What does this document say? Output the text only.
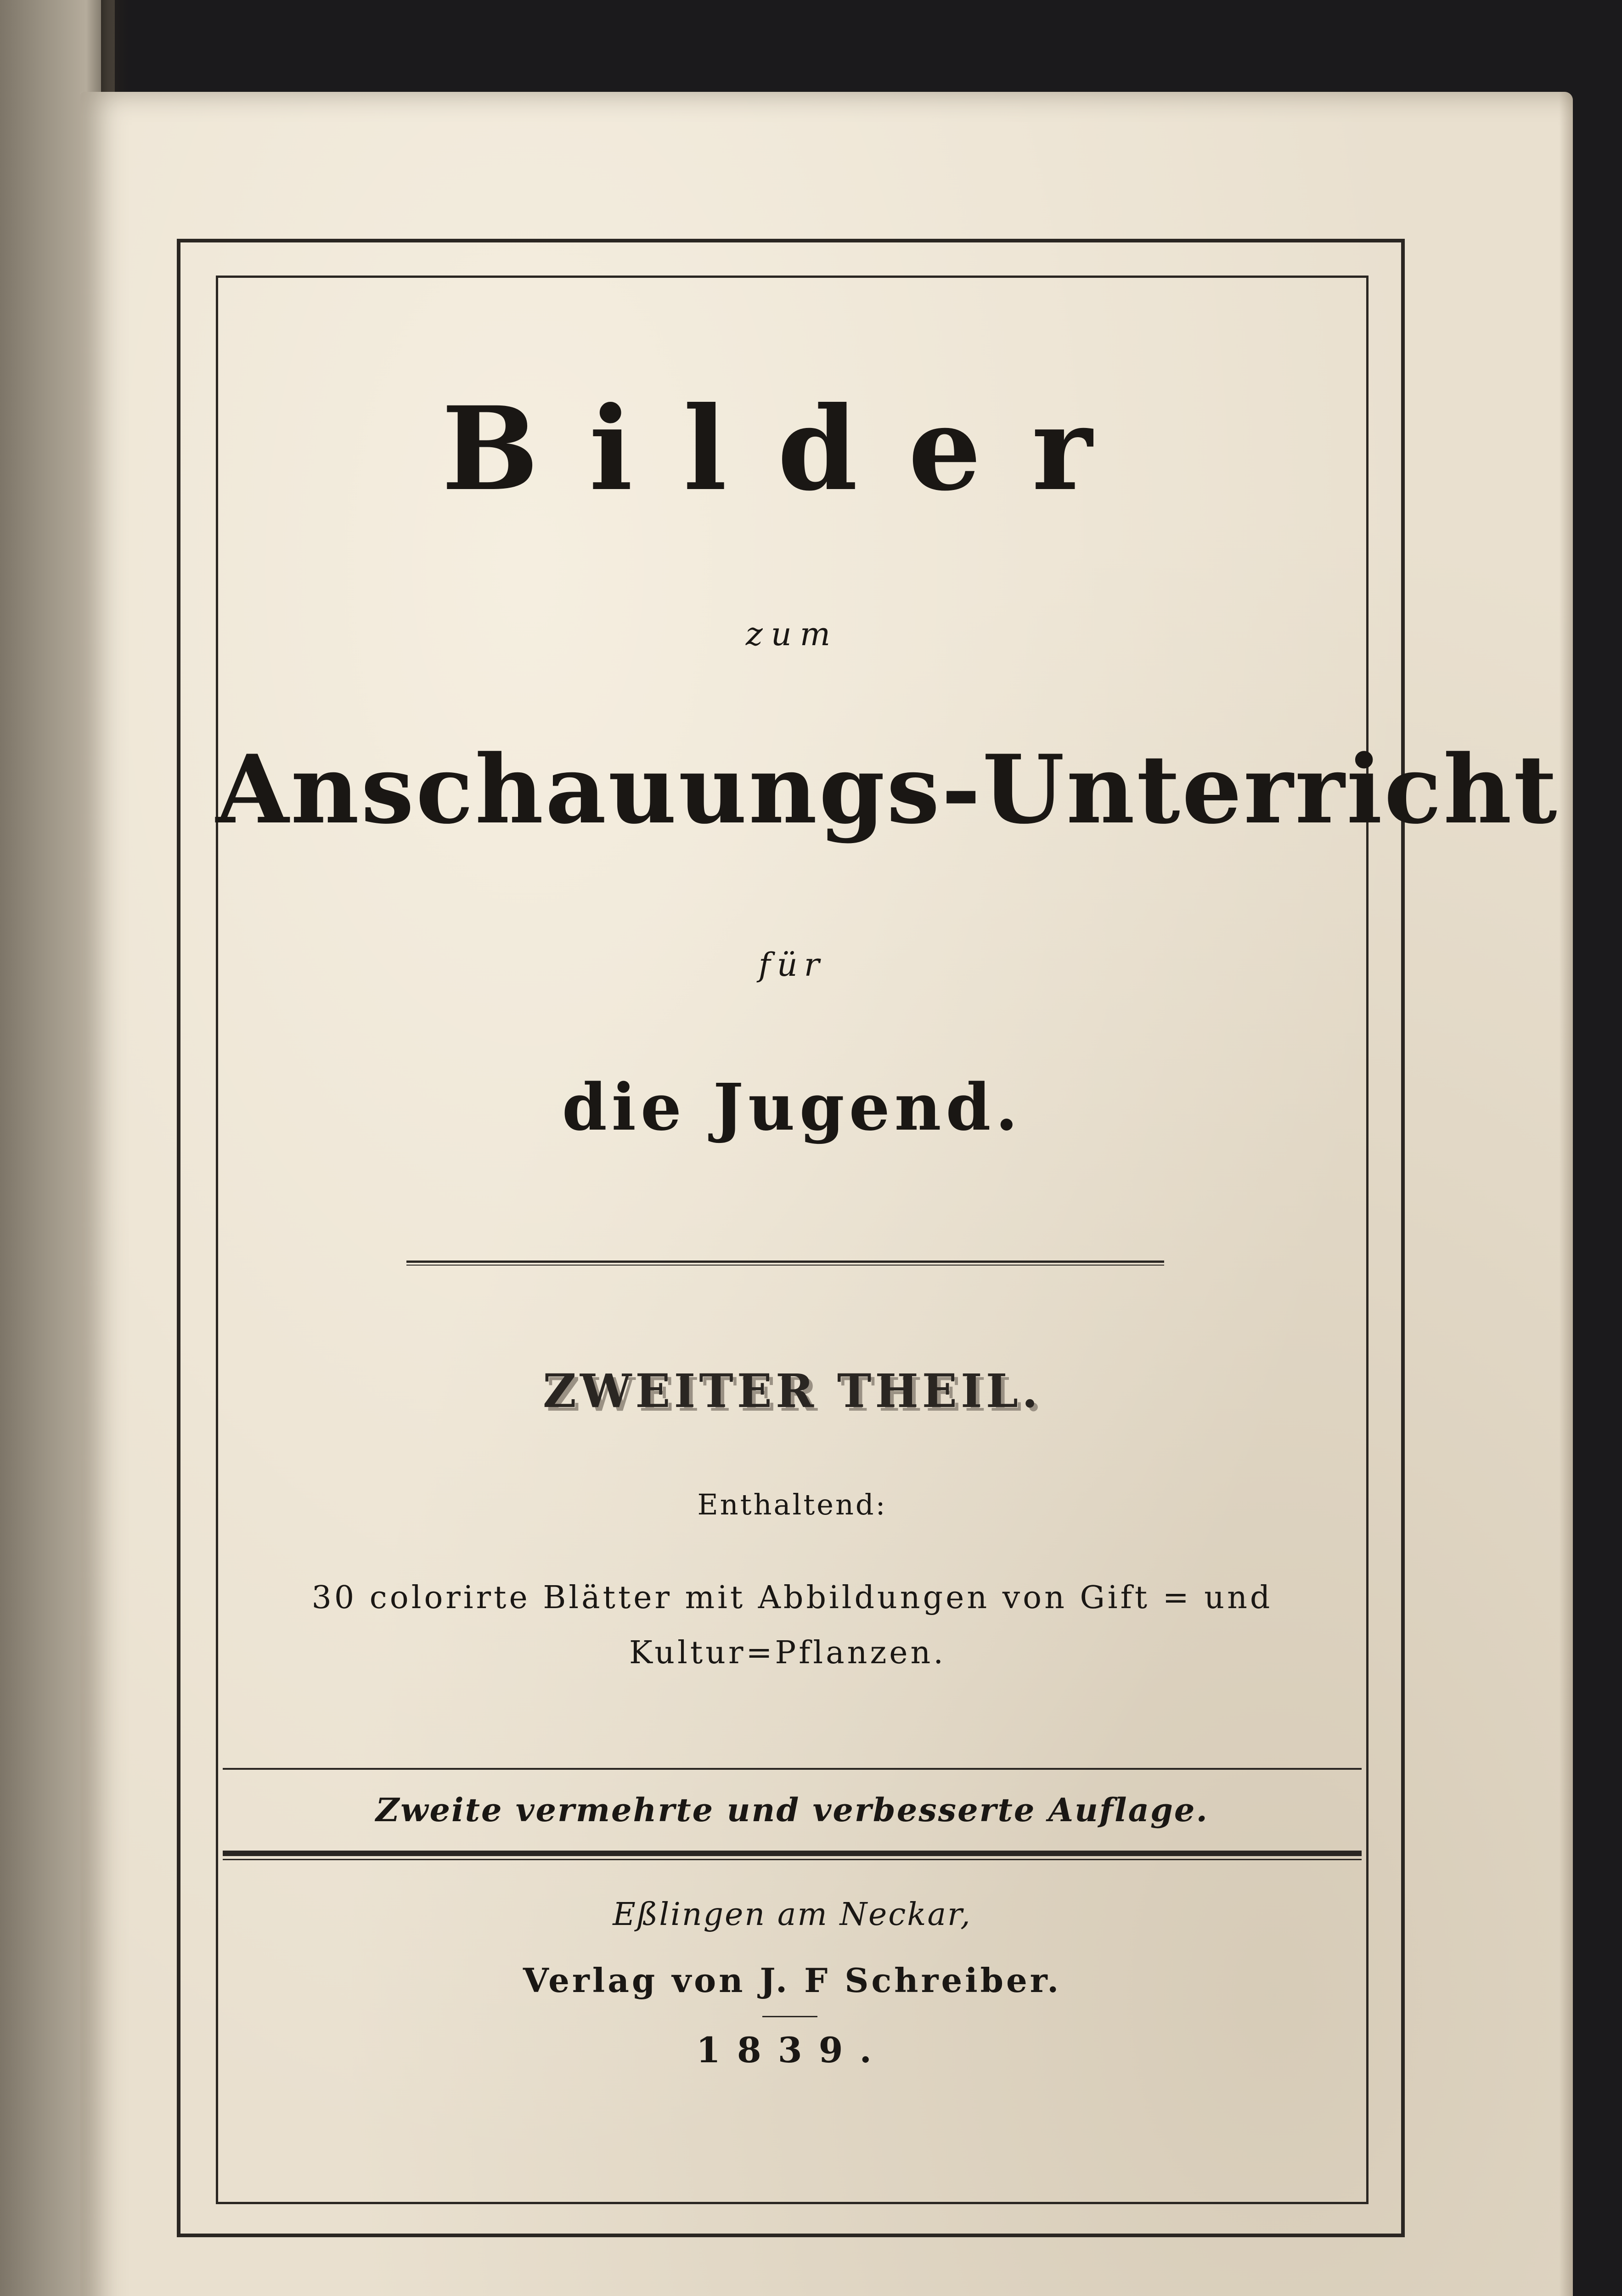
Bilder
zum
Anschauungs-Unterricht
für
die Jugend.
ZWEITER THEIL.
Enthaltend:
30 colorirte Blätter mit Abbildungen von Gift = und
Kultur=Pflanzen.
Zweite vermehrte und verbesserte Auflage.
Eßlingen am Neckar,
Verlag von J. F Schreiber.
1839.
